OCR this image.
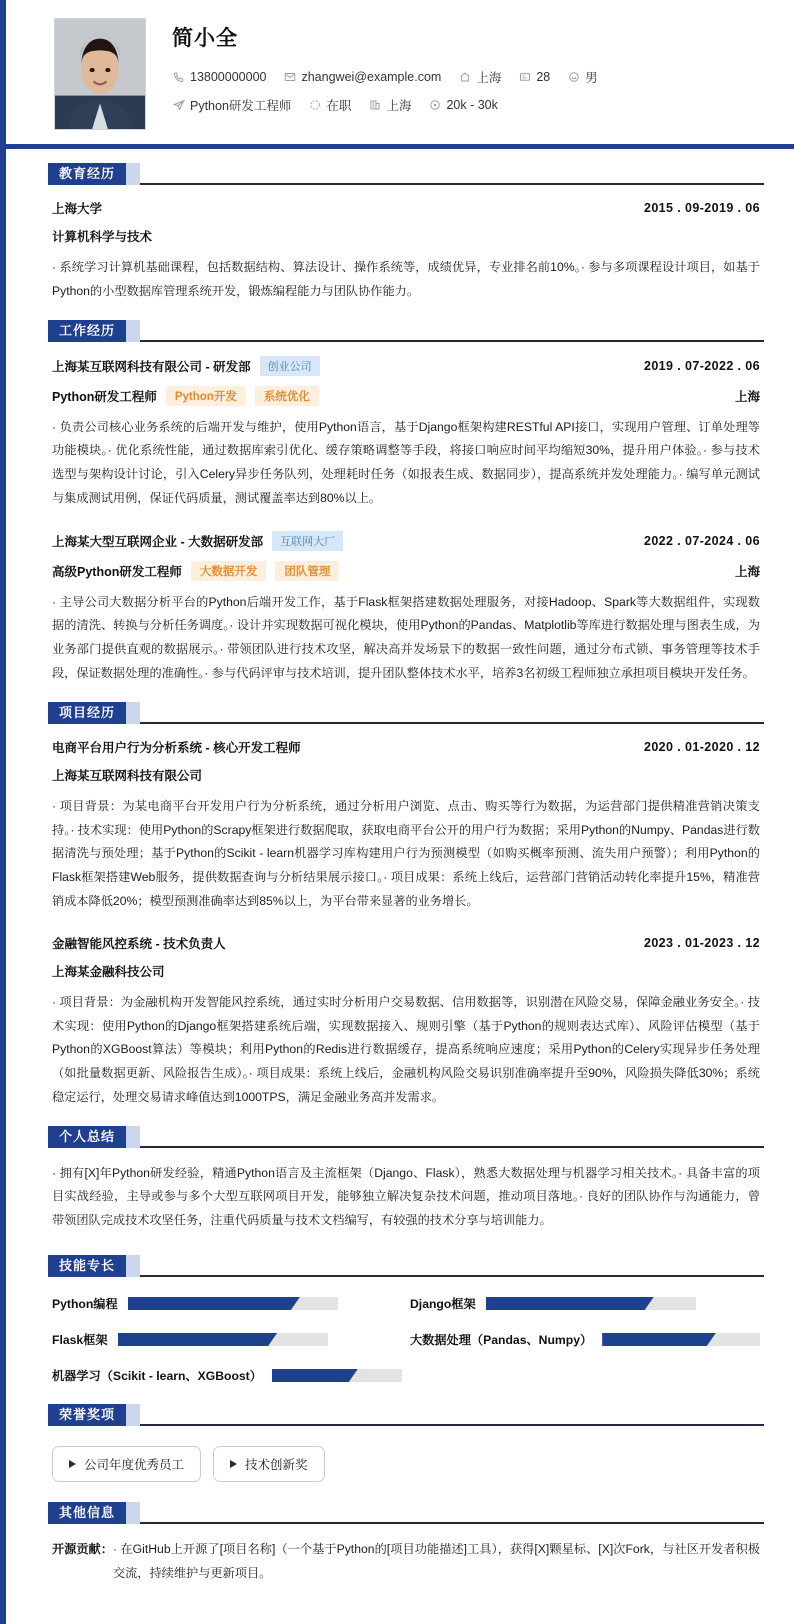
简小全
13800000000	zhangwei@example.com	上海	28	男
Python研发工程师	在职	上海	20k - 30k
教育经历
上海大学	2015 . 09-2019 . 06
计算机科学与技术
· 系统学习计算机基础课程，包括数据结构、算法设计、操作系统等，成绩优异，专业排名前10%。· 参与多项课程设计项目，如基于Python的小型数据库管理系统开发，锻炼编程能力与团队协作能力。
工作经历
上海某互联网科技有限公司 - 研发部	创业公司	2019 . 07-2022 . 06
Python研发工程师	Python开发	系统优化	上海
· 负责公司核心业务系统的后端开发与维护，使用Python语言，基于Django框架构建RESTful API接口，实现用户管理、订单处理等功能模块。· 优化系统性能，通过数据库索引优化、缓存策略调整等手段，将接口响应时间平均缩短30%，提升用户体验。· 参与技术选型与架构设计讨论，引入Celery异步任务队列，处理耗时任务（如报表生成、数据同步），提高系统并发处理能力。· 编写单元测试与集成测试用例，保证代码质量，测试覆盖率达到80%以上。
上海某大型互联网企业 - 大数据研发部	互联网大厂	2022 . 07-2024 . 06
高级Python研发工程师	大数据开发	团队管理	上海
· 主导公司大数据分析平台的Python后端开发工作，基于Flask框架搭建数据处理服务，对接Hadoop、Spark等大数据组件，实现数据的清洗、转换与分析任务调度。· 设计并实现数据可视化模块，使用Python的Pandas、Matplotlib等库进行数据处理与图表生成，为业务部门提供直观的数据展示。· 带领团队进行技术攻坚，解决高并发场景下的数据一致性问题，通过分布式锁、事务管理等技术手段，保证数据处理的准确性。· 参与代码评审与技术培训，提升团队整体技术水平，培养3名初级工程师独立承担项目模块开发任务。
项目经历
电商平台用户行为分析系统 - 核心开发工程师	2020 . 01-2020 . 12
上海某互联网科技有限公司
· 项目背景：为某电商平台开发用户行为分析系统，通过分析用户浏览、点击、购买等行为数据，为运营部门提供精准营销决策支持。· 技术实现：使用Python的Scrapy框架进行数据爬取，获取电商平台公开的用户行为数据；采用Python的Numpy、Pandas进行数据清洗与预处理；基于Python的Scikit - learn机器学习库构建用户行为预测模型（如购买概率预测、流失用户预警）；利用Python的Flask框架搭建Web服务，提供数据查询与分析结果展示接口。· 项目成果：系统上线后，运营部门营销活动转化率提升15%，精准营销成本降低20%；模型预测准确率达到85%以上，为平台带来显著的业务增长。
金融智能风控系统 - 技术负责人	2023 . 01-2023 . 12
上海某金融科技公司
· 项目背景：为金融机构开发智能风控系统，通过实时分析用户交易数据、信用数据等，识别潜在风险交易，保障金融业务安全。· 技术实现：使用Python的Django框架搭建系统后端，实现数据接入、规则引擎（基于Python的规则表达式库）、风险评估模型（基于Python的XGBoost算法）等模块；利用Python的Redis进行数据缓存，提高系统响应速度；采用Python的Celery实现异步任务处理（如批量数据更新、风险报告生成）。· 项目成果：系统上线后，金融机构风险交易识别准确率提升至90%，风险损失降低30%；系统稳定运行，处理交易请求峰值达到1000TPS，满足金融业务高并发需求。
个人总结
· 拥有[X]年Python研发经验，精通Python语言及主流框架（Django、Flask），熟悉大数据处理与机器学习相关技术。· 具备丰富的项目实战经验，主导或参与多个大型互联网项目开发，能够独立解决复杂技术问题，推动项目落地。· 良好的团队协作与沟通能力，曾带领团队完成技术攻坚任务，注重代码质量与技术文档编写，有较强的技术分享与培训能力。
技能专长
Python编程	Django框架
Flask框架	大数据处理（Pandas、Numpy）
机器学习（Scikit - learn、XGBoost）
荣誉奖项
公司年度优秀员工	技术创新奖
其他信息
开源贡献： · 在GitHub上开源了[项目名称]（一个基于Python的[项目功能描述]工具），获得[X]颗星标、[X]次Fork，与社区开发者积极交流，持续维护与更新项目。
